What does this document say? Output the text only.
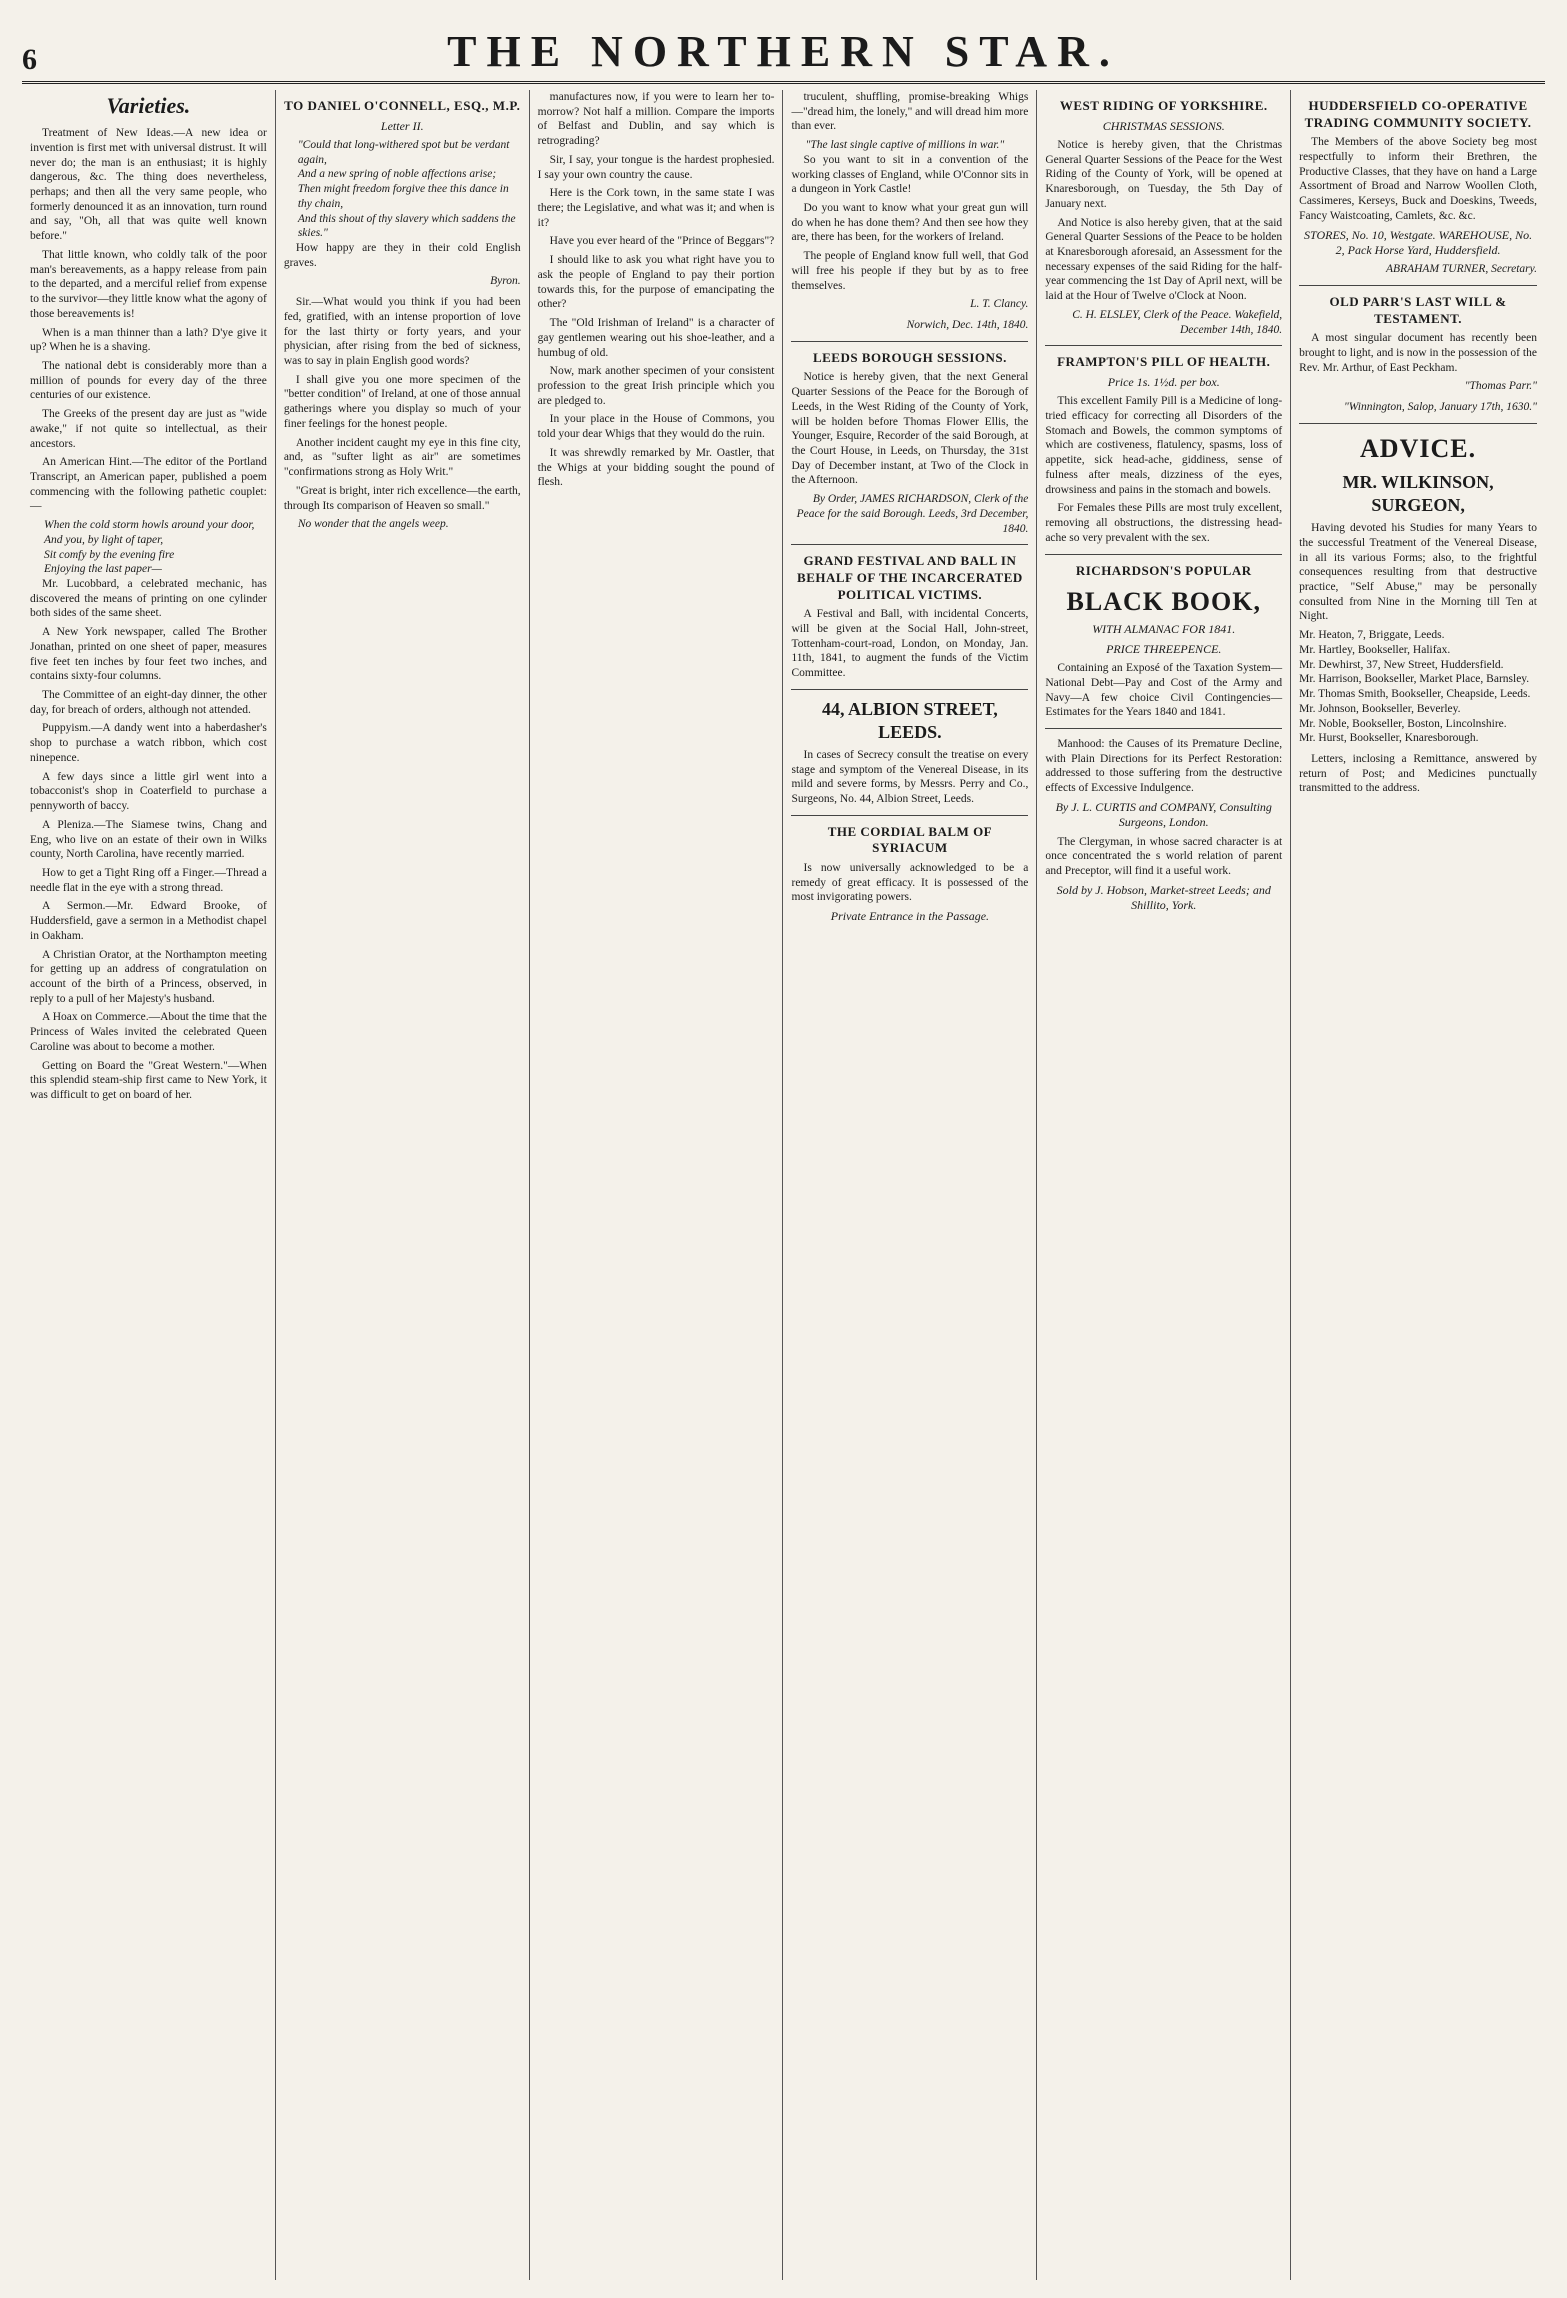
6	THE NORTHERN STAR.
Varieties.

Treatment of New Ideas.—A new idea or invention is first met with universal distrust. It will never do; the man is an enthusiast; it is highly dangerous, &c. The thing does nevertheless, perhaps; and then all the very same people, who formerly denounced it as an innovation, turn round and say, "Oh, all that was quite well known before."

That little known, who coldly talk of the poor man's bereavements, as a happy release from pain to the departed, and a merciful relief from expense to the survivor—they little know what the agony of those bereavements is!

When is a man thinner than a lath? D'ye give it up? When he is a shaving.

The national debt is considerably more than a million of pounds for every day of the three centuries of our existence.

The Greeks of the present day are just as "wide awake," if not quite so intellectual, as their ancestors.

An American Hint.—The editor of the Portland Transcript, an American paper, published a poem commencing with the following pathetic couplet:—

When the cold storm howls around your door,
And you, by light of taper,
Sit comfy by the evening fire
Enjoying the last paper—

Mr. Lucobbard, a celebrated mechanic, has discovered the means of printing on one cylinder both sides of the same sheet.

A New York newspaper, called The Brother Jonathan, printed on one sheet of paper, measures five feet ten inches by four feet two inches, and contains sixty-four columns.

The Committee of an eight-day dinner, the other day, for breach of orders, although not attended.

Puppyism.—A dandy went into a haberdasher's shop to purchase a watch ribbon, which cost ninepence.

A few days since a little girl went into a tobacconist's shop in Coaterfield to purchase a pennyworth of baccy.

A Pleniza.—The Siamese twins, Chang and Eng, who live on an estate of their own in Wilks county, North Carolina, have recently married.

How to get a Tight Ring off a Finger.—Thread a needle flat in the eye with a strong thread.

A Sermon.—Mr. Edward Brooke, of Huddersfield, gave a sermon in a Methodist chapel in Oakham.

A Christian Orator, at the Northampton meeting for getting up an address of congratulation on account of the birth of a Princess, observed, in reply to a pull of her Majesty's husband.

A Hoax on Commerce.—About the time that the Princess of Wales invited the celebrated Queen Caroline was about to become a mother.

Getting on Board the "Great Western."—When this splendid steam-ship first came to New York, it was difficult to get on board of her.

TO DANIEL O'CONNELL, ESQ., M.P.
Letter II.
"Could that long-withered spot but be verdant again,
And a new spring of noble affections arise;
Then might freedom forgive thee this dance in thy chain,
And this shout of thy slavery which saddens the skies."

How happy are they in their cold English graves.

Byron.

Sir.—What would you think if you had been fed, gratified, with an intense proportion of love for the last thirty or forty years, and your physician, after rising from the bed of sickness, was to say in plain English good words?

I shall give you one more specimen of the "better condition" of Ireland, at one of those annual gatherings where you display so much of your finer feelings for the honest people.

Another incident caught my eye in this fine city, and, as "sufter light as air" are sometimes "confirmations strong as Holy Writ."

"Great is bright, inter rich excellence—the earth, through Its comparison of Heaven so small."

No wonder that the angels weep.

manufactures now, if you were to learn her to-morrow? Not half a million. Compare the imports of Belfast and Dublin, and say which is retrograding?

Sir, I say, your tongue is the hardest prophesied. I say your own country the cause.

Here is the Cork town, in the same state I was there; the Legislative, and what was it; and when is it?

Have you ever heard of the "Prince of Beggars"?

I should like to ask you what right have you to ask the people of England to pay their portion towards this, for the purpose of emancipating the other?

The "Old Irishman of Ireland" is a character of gay gentlemen wearing out his shoe-leather, and a humbug of old.

Now, mark another specimen of your consistent profession to the great Irish principle which you are pledged to.

In your place in the House of Commons, you told your dear Whigs that they would do the ruin.

It was shrewdly remarked by Mr. Oastler, that the Whigs at your bidding sought the pound of flesh.

truculent, shuffling, promise-breaking Whigs—"dread him, the lonely," and will dread him more than ever.

"The last single captive of millions in war."

So you want to sit in a convention of the working classes of England, while O'Connor sits in a dungeon in York Castle!

Do you want to know what your great gun will do when he has done them? And then see how they are, there has been, for the workers of Ireland.

The people of England know full well, that God will free his people if they but by as to free themselves.

L. T. Clancy.
Norwich, Dec. 14th, 1840.
LEEDS BOROUGH SESSIONS.

Notice is hereby given, that the next General Quarter Sessions of the Peace for the Borough of Leeds, in the West Riding of the County of York, will be holden before Thomas Flower Ellis, the Younger, Esquire, Recorder of the said Borough, at the Court House, in Leeds, on Thursday, the 31st Day of December instant, at Two of the Clock in the Afternoon.

By Order, JAMES RICHARDSON, Clerk of the Peace for the said Borough. Leeds, 3rd December, 1840.
GRAND FESTIVAL AND BALL IN BEHALF OF THE INCARCERATED POLITICAL VICTIMS.

A Festival and Ball, with incidental Concerts, will be given at the Social Hall, John-street, Tottenham-court-road, London, on Monday, Jan. 11th, 1841, to augment the funds of the Victim Committee.

44, ALBION STREET, LEEDS.

In cases of Secrecy consult the treatise on every stage and symptom of the Venereal Disease, in its mild and severe forms, by Messrs. Perry and Co., Surgeons, No. 44, Albion Street, Leeds.

THE CORDIAL BALM OF SYRIACUM

Is now universally acknowledged to be a remedy of great efficacy. It is possessed of the most invigorating powers.

Private Entrance in the Passage.
WEST RIDING OF YORKSHIRE.
CHRISTMAS SESSIONS.

Notice is hereby given, that the Christmas General Quarter Sessions of the Peace for the West Riding of the County of York, will be opened at Knaresborough, on Tuesday, the 5th Day of January next.

And Notice is also hereby given, that at the said General Quarter Sessions of the Peace to be holden at Knaresborough aforesaid, an Assessment for the necessary expenses of the said Riding for the half-year commencing the 1st Day of April next, will be laid at the Hour of Twelve o'Clock at Noon.

C. H. ELSLEY, Clerk of the Peace. Wakefield, December 14th, 1840.
FRAMPTON'S PILL OF HEALTH.
Price 1s. 1½d. per box.

This excellent Family Pill is a Medicine of long-tried efficacy for correcting all Disorders of the Stomach and Bowels, the common symptoms of which are costiveness, flatulency, spasms, loss of appetite, sick head-ache, giddiness, sense of fulness after meals, dizziness of the eyes, drowsiness and pains in the stomach and bowels.

For Females these Pills are most truly excellent, removing all obstructions, the distressing head-ache so very prevalent with the sex.

RICHARDSON'S POPULAR
BLACK BOOK,
WITH ALMANAC FOR 1841.
PRICE THREEPENCE.

Containing an Exposé of the Taxation System—National Debt—Pay and Cost of the Army and Navy—A few choice Civil Contingencies—Estimates for the Years 1840 and 1841.

Manhood: the Causes of its Premature Decline, with Plain Directions for its Perfect Restoration: addressed to those suffering from the destructive effects of Excessive Indulgence.

By J. L. CURTIS and COMPANY, Consulting Surgeons, London.

The Clergyman, in whose sacred character is at once concentrated the s world relation of parent and Preceptor, will find it a useful work.

Sold by J. Hobson, Market-street Leeds; and Shillito, York.
HUDDERSFIELD CO-OPERATIVE TRADING COMMUNITY SOCIETY.

The Members of the above Society beg most respectfully to inform their Brethren, the Productive Classes, that they have on hand a Large Assortment of Broad and Narrow Woollen Cloth, Cassimeres, Kerseys, Buck and Doeskins, Tweeds, Fancy Waistcoating, Camlets, &c. &c.

STORES, No. 10, Westgate. WAREHOUSE, No. 2, Pack Horse Yard, Huddersfield.
ABRAHAM TURNER, Secretary.
OLD PARR'S LAST WILL & TESTAMENT.

A most singular document has recently been brought to light, and is now in the possession of the Rev. Mr. Arthur, of East Peckham.

"Thomas Parr."
"Winnington, Salop, January 17th, 1630."
ADVICE.
MR. WILKINSON, SURGEON,

Having devoted his Studies for many Years to the successful Treatment of the Venereal Disease, in all its various Forms; also, to the frightful consequences resulting from that destructive practice, "Self Abuse," may be personally consulted from Nine in the Morning till Ten at Night.

Mr. Heaton, 7, Briggate, Leeds.
Mr. Hartley, Bookseller, Halifax.
Mr. Dewhirst, 37, New Street, Huddersfield.
Mr. Harrison, Bookseller, Market Place, Barnsley.
Mr. Thomas Smith, Bookseller, Cheapside, Leeds.
Mr. Johnson, Bookseller, Beverley.
Mr. Noble, Bookseller, Boston, Lincolnshire.
Mr. Hurst, Bookseller, Knaresborough.

Letters, inclosing a Remittance, answered by return of Post; and Medicines punctually transmitted to the address.
